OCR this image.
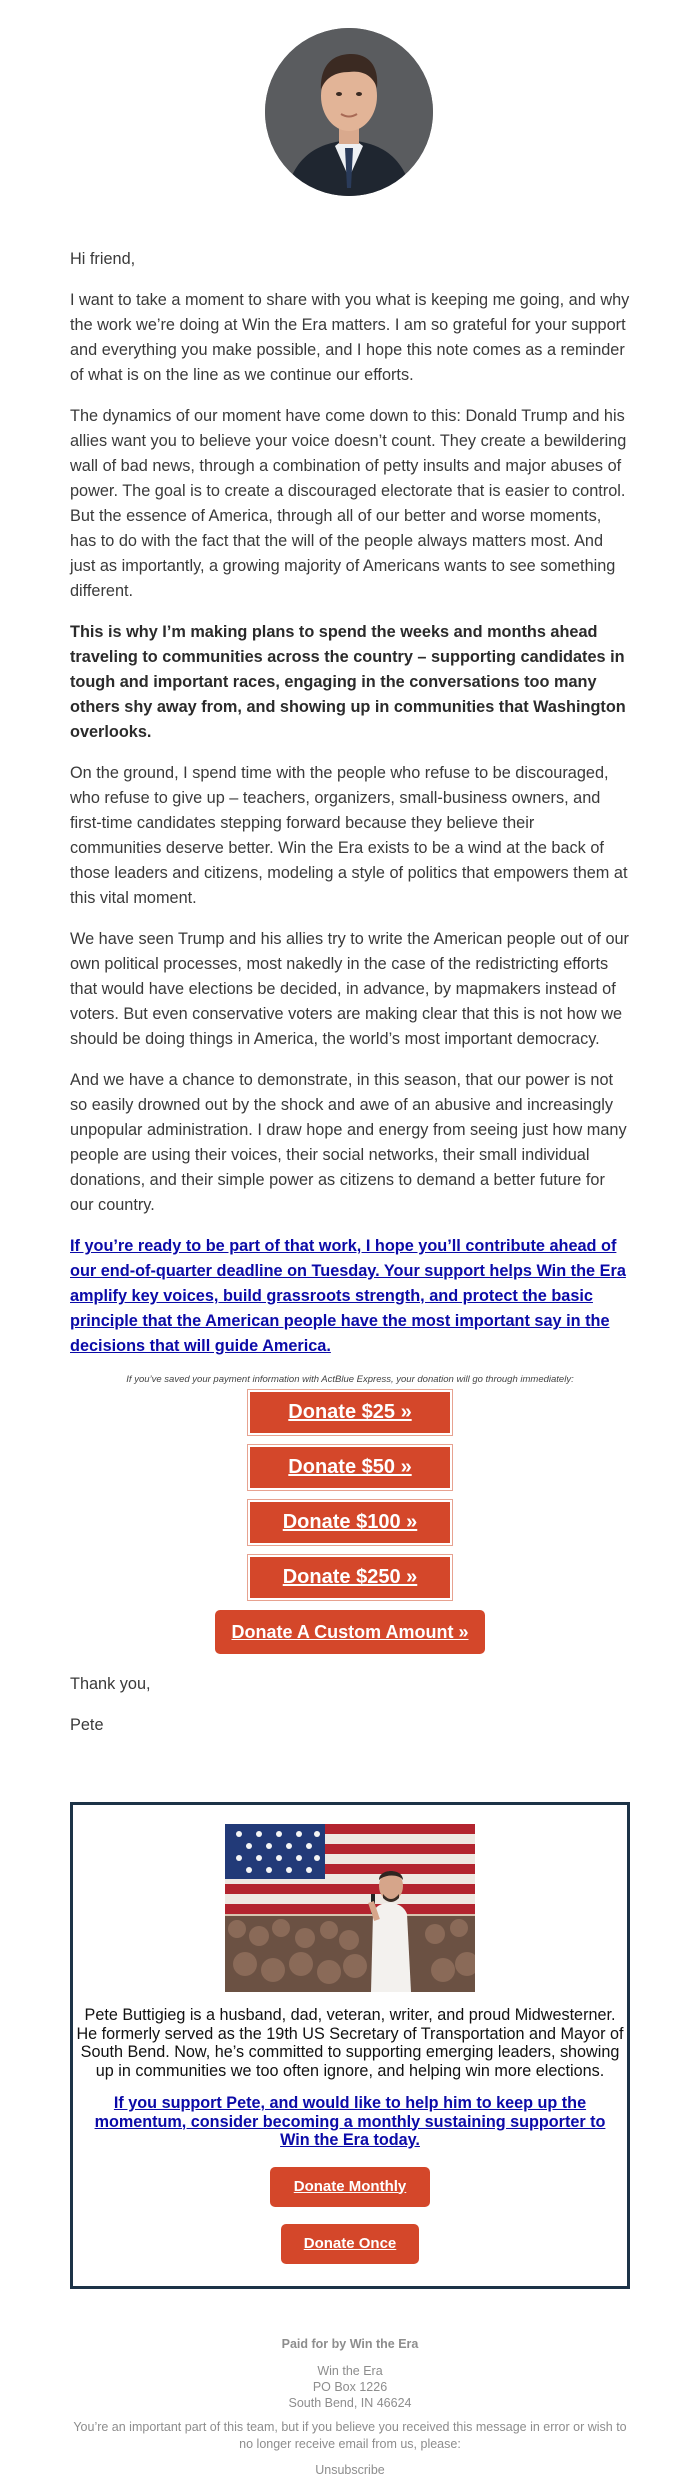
Hi friend,

I want to take a moment to share with you what is keeping me going, and why the work we’re doing at Win the Era matters. I am so grateful for your support and everything you make possible, and I hope this note comes as a reminder of what is on the line as we continue our efforts.

The dynamics of our moment have come down to this: Donald Trump and his allies want you to believe your voice doesn’t count. They create a bewildering wall of bad news, through a combination of petty insults and major abuses of power. The goal is to create a discouraged electorate that is easier to control. But the essence of America, through all of our better and worse moments, has to do with the fact that the will of the people always matters most. And just as importantly, a growing majority of Americans wants to see something different.

This is why I’m making plans to spend the weeks and months ahead traveling to communities across the country – supporting candidates in tough and important races, engaging in the conversations too many others shy away from, and showing up in communities that Washington overlooks.

On the ground, I spend time with the people who refuse to be discouraged, who refuse to give up – teachers, organizers, small-business owners, and first-time candidates stepping forward because they believe their communities deserve better. Win the Era exists to be a wind at the back of those leaders and citizens, modeling a style of politics that empowers them at this vital moment.

We have seen Trump and his allies try to write the American people out of our own political processes, most nakedly in the case of the redistricting efforts that would have elections be decided, in advance, by mapmakers instead of voters. But even conservative voters are making clear that this is not how we should be doing things in America, the world’s most important democracy.

And we have a chance to demonstrate, in this season, that our power is not so easily drowned out by the shock and awe of an abusive and increasingly unpopular administration. I draw hope and energy from seeing just how many people are using their voices, their social networks, their small individual donations, and their simple power as citizens to demand a better future for our country.

If you’re ready to be part of that work, I hope you’ll contribute ahead of our end-of-quarter deadline on Tuesday. Your support helps Win the Era amplify key voices, build grassroots strength, and protect the basic principle that the American people have the most important say in the decisions that will guide America.
If you’ve saved your payment information with ActBlue Express, your donation will go through immediately:
Donate $25 »
Donate $50 »
Donate $100 »
Donate $250 »
Donate A Custom Amount »

Thank you,

Pete

Pete Buttigieg is a husband, dad, veteran, writer, and proud Midwesterner. He formerly served as the 19th US Secretary of Transportation and Mayor of South Bend. Now, he’s committed to supporting emerging leaders, showing up in communities we too often ignore, and helping win more elections.

If you support Pete, and would like to help him to keep up the momentum, consider becoming a monthly sustaining supporter to Win the Era today.
Donate Monthly
Donate Once
Paid for by Win the Era
Win the Era
PO Box 1226
South Bend, IN 46624
You’re an important part of this team, but if you believe you received this message in error or wish to no longer receive email from us, please:
Unsubscribe
